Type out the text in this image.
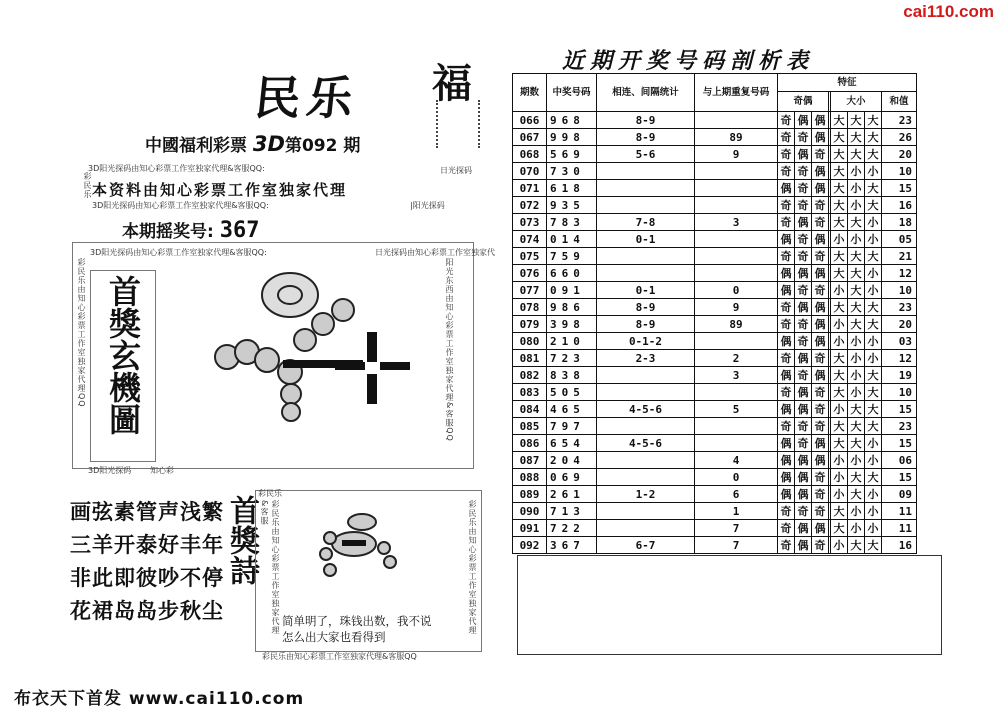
cai110.com
民乐 福
中國福利彩票 3D第092 期
3D阳光探码由知心彩票工作室独家代理&客服QQ:	日光探码
彩民乐 本资料由知心彩票工作室独家代理
3D阳光探码由知心彩票工作室独家代理&客服QQ:	|阳光探码
本期摇奖号: 367
3D阳光探码由知心彩票工作室独家代理&客服QQ:	日光探码由知心彩票工作室独家代
彩民乐由知心彩票工作室独家代理QQ	阳光东西由知心彩票工作室独家代理&客服QQ
首獎玄機圖
3D阳光探码 知心彩
画弦素管声浅繁
三羊开泰好丰年
非此即彼吵不停
花裙岛岛步秋尘
首獎詩
彩民乐
彩民乐由知心彩票工作室独家代理&客服	彩民乐由知心彩票工作室独家代理
简单明了，珠钱出数，我不说
怎么出大家也看得到
彩民乐由知心彩票工作室独家代理&客服QQ
布衣天下首发 www.cai110.com
近期开奖号码剖析表
期数	中奖号码	相连、间隔统计	与上期重复号码	特征							
				奇偶				大小			和值
066	968	8-9		奇	偶	偶		大	大	大	23
067	998	8-9	89	奇	奇	偶		大	大	大	26
068	569	5-6	9	奇	偶	奇		大	大	大	20
070	730			奇	奇	偶		大	小	小	10
071	618			偶	奇	偶		大	小	大	15
072	935			奇	奇	奇		大	小	大	16
073	783	7-8	3	奇	偶	奇		大	大	小	18
074	014	0-1		偶	奇	偶		小	小	小	05
075	759			奇	奇	奇		大	大	大	21
076	660			偶	偶	偶		大	大	小	12
077	091	0-1	0	偶	奇	奇		小	大	小	10
078	986	8-9	9	奇	偶	偶		大	大	大	23
079	398	8-9	89	奇	奇	偶		小	大	大	20
080	210	0-1-2		偶	奇	偶		小	小	小	03
081	723	2-3	2	奇	偶	奇		大	小	小	12
082	838		3	偶	奇	偶		大	小	大	19
083	505			奇	偶	奇		大	小	大	10
084	465	4-5-6	5	偶	偶	奇		小	大	大	15
085	797			奇	奇	奇		大	大	大	23
086	654	4-5-6		偶	奇	偶		大	大	小	15
087	204		4	偶	偶	偶		小	小	小	06
088	069		0	偶	偶	奇		小	大	大	15
089	261	1-2	6	偶	偶	奇		小	大	小	09
090	713		1	奇	奇	奇		大	小	小	11
091	722		7	奇	偶	偶		大	小	小	11
092	367	6-7	7	奇	偶	奇		小	大	大	16
